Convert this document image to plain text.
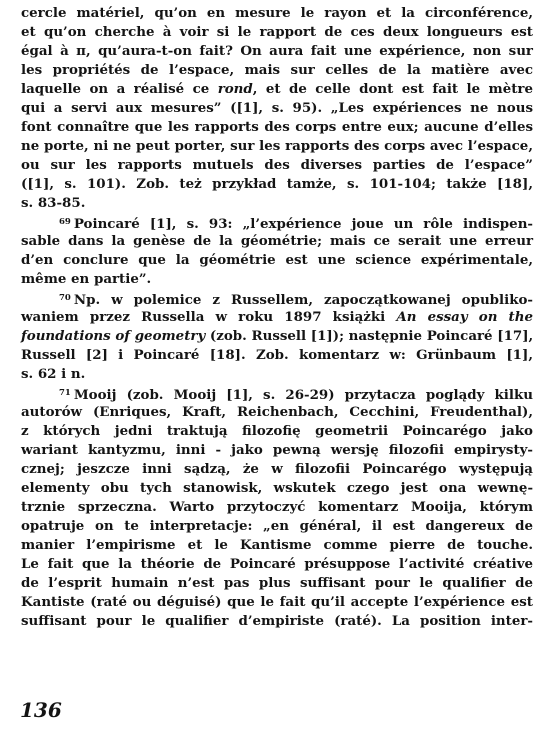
cercle matériel, qu’on en mesure le rayon et la circonférence,
et qu’on cherche à voir si le rapport de ces deux longueurs est
égal à π, qu’aura-t-on fait? On aura fait une expérience, non sur
les propriétés de l’espace, mais sur celles de la matière avec
laquelle on a réalisé ce rond, et de celle dont est fait le mètre
qui a servi aux mesures” ([1], s. 95). „Les expériences ne nous
font connaître que les rapports des corps entre eux; aucune d’elles
ne porte, ni ne peut porter, sur les rapports des corps avec l’espace,
ou sur les rapports mutuels des diverses parties de l’espace”
([1], s. 101). Zob. też przykład tamże, s. 101-104; także [18],
s. 83-85.
$^{69}$ Poincaré [1], s. 93: „l’expérience joue un rôle indispen-
sable dans la genèse de la géométrie; mais ce serait une erreur
d’en conclure que la géométrie est une science expérimentale,
même en partie”.
$^{70}$ Np. w polemice z Russellem, zapoczątkowanej opubliko-
waniem przez Russella w roku 1897 książki An essay on the
foundations of geometry (zob. Russell [1]); następnie Poincaré [17],
Russell [2] i Poincaré [18]. Zob. komentarz w: Grünbaum [1],
s. 62 i n.
$^{71}$ Mooij (zob. Mooij [1], s. 26-29) przytacza poglądy kilku
autorów (Enriques, Kraft, Reichenbach, Cecchini, Freudenthal),
z których jedni traktują filozofię geometrii Poincarégo jako
wariant kantyzmu, inni - jako pewną wersję filozofii empirysty-
cznej; jeszcze inni sądzą, że w filozofii Poincarégo występują
elementy obu tych stanowisk, wskutek czego jest ona wewnę-
trznie sprzeczna. Warto przytoczyć komentarz Mooija, którym
opatruje on te interpretacje: „en général, il est dangereux de
manier l’empirisme et le Kantisme comme pierre de touche.
Le fait que la théorie de Poincaré présuppose l’activité créative
de l’esprit humain n’est pas plus suffisant pour le qualifier de
Kantiste (raté ou déguisé) que le fait qu’il accepte l’expérience est
suffisant pour le qualifier d’empiriste (raté). La position inter-
136
